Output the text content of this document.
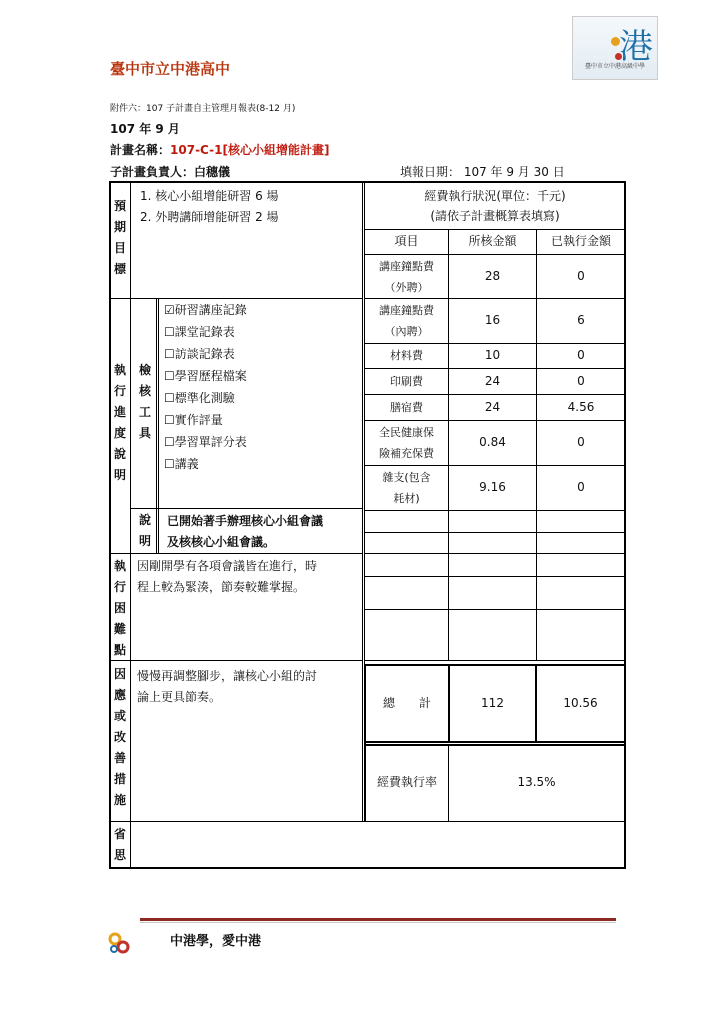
臺中市立中港高中
港
臺中市立中港高級中學
附件六：107 子計畫自主管理月報表(8-12 月)
107 年 9 月
計畫名稱：107-C-1[核心小組增能計畫]
子計畫負責人：白穗儀	填報日期： 107 年 9 月 30 日
預期目標
1. 核心小組增能研習 6 場
2. 外聘講師增能研習 2 場
執行進度說明
檢核工具
☑研習講座記錄
☐課堂記錄表
☐訪談記錄表
☐學習歷程檔案
☐標準化測驗
☐實作評量
☐學習單評分表
☐講義
說明
已開始著手辦理核心小組會議
及核核心小組會議。
執行困難點
因剛開學有各項會議皆在進行，時
程上較為緊湊，節奏較難掌握。
因應或改善措施
慢慢再調整腳步，讓核心小組的討
論上更具節奏。
省思
經費執行狀況(單位：千元)
(請依子計畫概算表填寫)
項目	所核金額	已執行金額
講座鐘點費
（外聘）
28	0
講座鐘點費
（內聘）
16	6
材料費	10	0
印刷費	24	0
膳宿費	24	4.56
全民健康保
險補充保費
0.84	0
雜支(包含
耗材)
9.16	0
總　　計	112	10.56
經費執行率	13.5%
中港學，愛中港
